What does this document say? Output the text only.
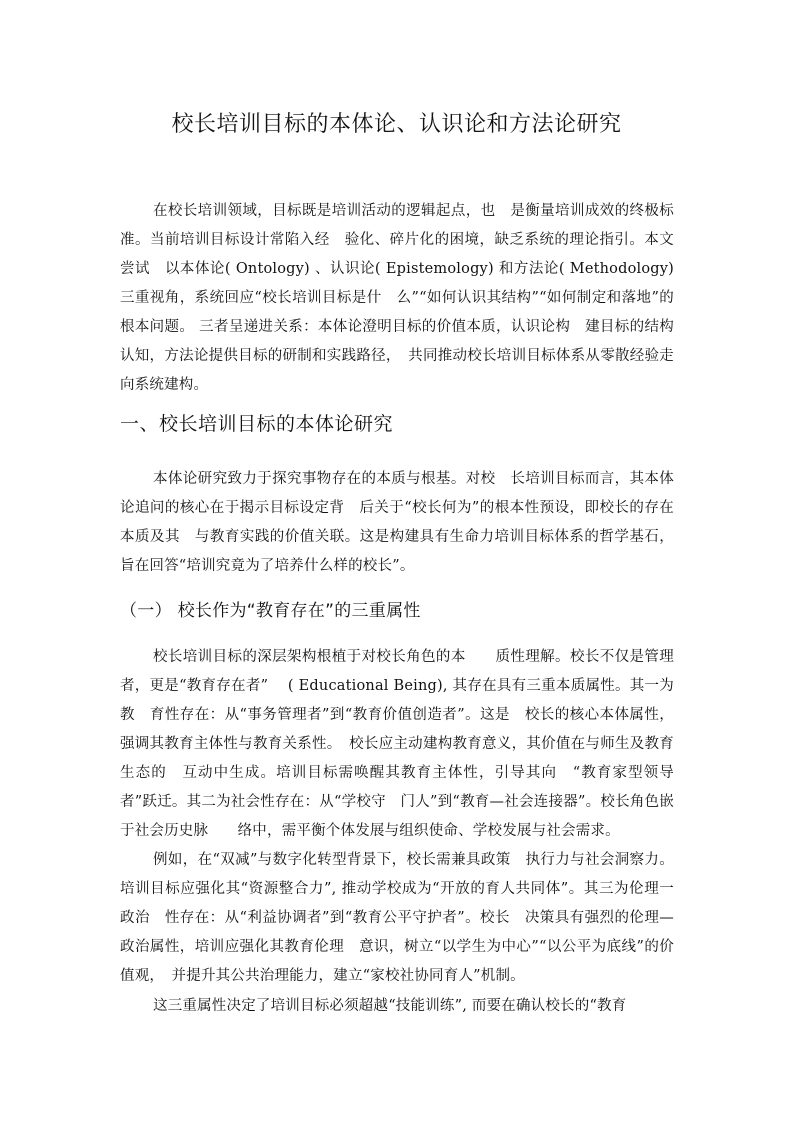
校长培训目标的本体论、认识论和方法论研究

在校长培训领域，目标既是培训活动的逻辑起点，也　是衡量培训成效的终极标准。当前培训目标设计常陷入经　验化、碎片化的困境，缺乏系统的理论指引。本文尝试　以本体论( Ontology) 、认识论( Epistemology) 和方法论( Methodology) 三重视角，系统回应“校长培训目标是什　么”“如何认识其结构”“如何制定和落地”的根本问题。 三者呈递进关系：本体论澄明目标的价值本质，认识论构　建目标的结构认知，方法论提供目标的研制和实践路径，　共同推动校长培训目标体系从零散经验走向系统建构。

一、校长培训目标的本体论研究

本体论研究致力于探究事物存在的本质与根基。对校　长培训目标而言，其本体论追问的核心在于揭示目标设定背　后关于“校长何为”的根本性预设，即校长的存在本质及其　与教育实践的价值关联。这是构建具有生命力培训目标体系的哲学基石，旨在回答“培训究竟为了培养什么样的校长”。

（一） 校长作为“教育存在”的三重属性

校长培训目标的深层架构根植于对校长角色的本　　质性理解。校长不仅是管理者，更是“教育存在者”　 ( Educational Being), 其存在具有三重本质属性。其一为教　育性存在：从“事务管理者”到“教育价值创造者”。这是　校长的核心本体属性，强调其教育主体性与教育关系性。　校长应主动建构教育意义，其价值在与师生及教育生态的　互动中生成。培训目标需唤醒其教育主体性，引导其向　“教育家型领导者”跃迁。其二为社会性存在：从“学校守　门人”到“教育—社会连接器”。校长角色嵌于社会历史脉　　络中，需平衡个体发展与组织使命、学校发展与社会需求。

例如，在“双减”与数字化转型背景下，校长需兼具政策　执行力与社会洞察力。培训目标应强化其“资源整合力”, 推动学校成为“开放的育人共同体”。其三为伦理一政治　性存在：从“利益协调者”到“教育公平守护者”。校长　决策具有强烈的伦理—政治属性，培训应强化其教育伦理　意识，树立“以学生为中心”“以公平为底线”的价值观，　并提升其公共治理能力，建立“家校社协同育人”机制。

这三重属性决定了培训目标必须超越“技能训练”, 而要在确认校长的“教育
